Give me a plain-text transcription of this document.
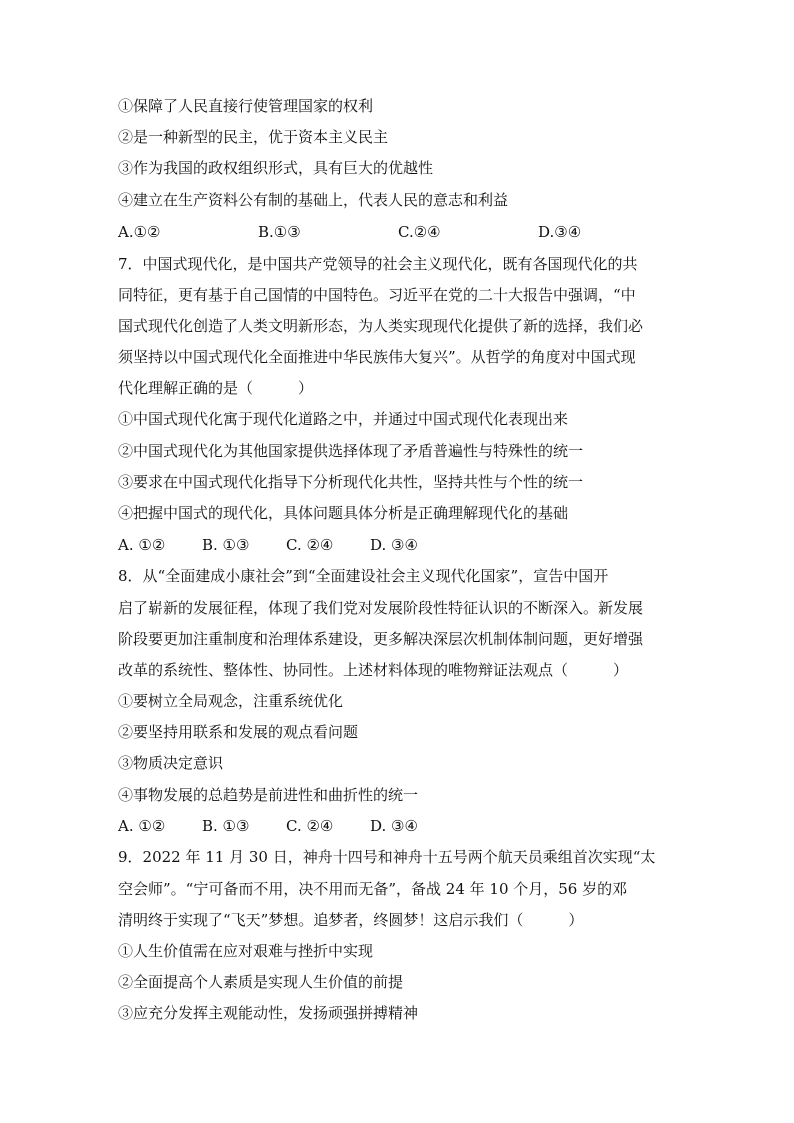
①保障了人民直接行使管理国家的权利
②是一种新型的民主，优于资本主义民主
③作为我国的政权组织形式，具有巨大的优越性
④建立在生产资料公有制的基础上，代表人民的意志和利益
A.①②	B.①③	C.②④	D.③④
7．中国式现代化，是中国共产党领导的社会主义现代化，既有各国现代化的共
同特征，更有基于自己国情的中国特色。习近平在党的二十大报告中强调，“中
国式现代化创造了人类文明新形态，为人类实现现代化提供了新的选择，我们必
须坚持以中国式现代化全面推进中华民族伟大复兴”。从哲学的角度对中国式现
代化理解正确的是（　　　）
①中国式现代化寓于现代化道路之中，并通过中国式现代化表现出来
②中国式现代化为其他国家提供选择体现了矛盾普遍性与特殊性的统一
③要求在中国式现代化指导下分析现代化共性，坚持共性与个性的统一
④把握中国式的现代化，具体问题具体分析是正确理解现代化的基础
A. ①② B. ①③ C. ②④ D. ③④
8．从“全面建成小康社会”到“全面建设社会主义现代化国家”，宣告中国开
启了崭新的发展征程，体现了我们党对发展阶段性特征认识的不断深入。新发展
阶段要更加注重制度和治理体系建设，更多解决深层次机制体制问题，更好增强
改革的系统性、整体性、协同性。上述材料体现的唯物辩证法观点（　　　）
①要树立全局观念，注重系统优化
②要坚持用联系和发展的观点看问题
③物质决定意识
④事物发展的总趋势是前进性和曲折性的统一
A. ①② B. ①③ C. ②④ D. ③④
9．2022 年 11 月 30 日，神舟十四号和神舟十五号两个航天员乘组首次实现“太
空会师”。“宁可备而不用，决不用而无备”，备战 24 年 10 个月，56 岁的邓
清明终于实现了“飞天”梦想。追梦者，终圆梦！这启示我们（　　　）
①人生价值需在应对艰难与挫折中实现
②全面提高个人素质是实现人生价值的前提
③应充分发挥主观能动性，发扬顽强拼搏精神
